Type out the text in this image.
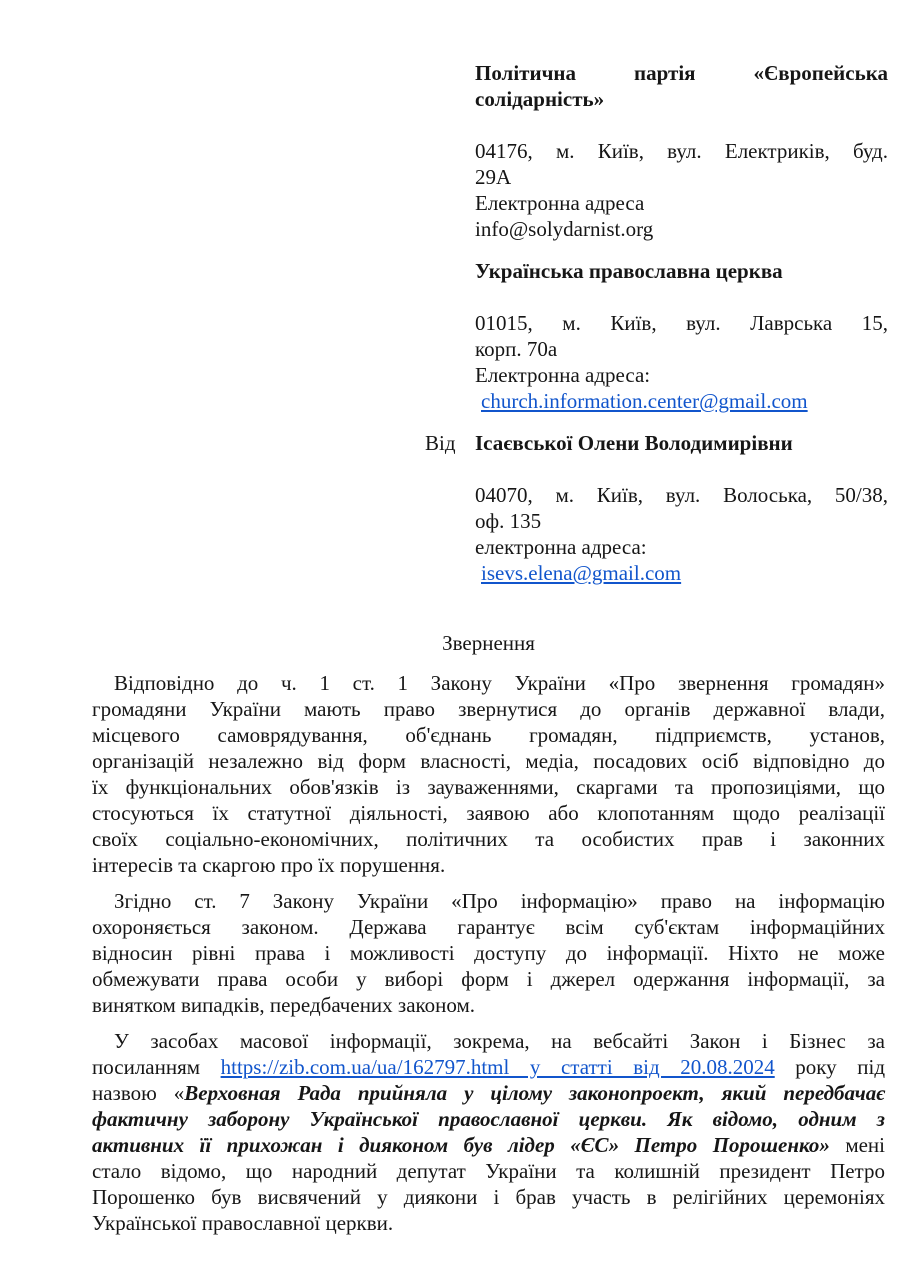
Політична партія «Європейська
солідарність»
04176, м. Київ, вул. Електриків, буд.
29А
Електронна адреса
info@solydarnist.org
Українська православна церква
01015, м. Київ, вул. Лаврська 15,
корп. 70а
Електронна адреса:
church.information.center@gmail.com
Від Ісаєвської Олени Володимирівни
04070, м. Київ, вул. Волоська, 50/38,
оф. 135
електронна адреса:
isevs.elena@gmail.com
Звернення
Відповідно до ч. 1 ст. 1 Закону України «Про звернення громадян»
громадяни України мають право звернутися до органів державної влади,
місцевого самоврядування, об'єднань громадян, підприємств, установ,
організацій незалежно від форм власності, медіа, посадових осіб відповідно до
їх функціональних обов'язків із зауваженнями, скаргами та пропозиціями, що
стосуються їх статутної діяльності, заявою або клопотанням щодо реалізації
своїх соціально-економічних, політичних та особистих прав і законних
інтересів та скаргою про їх порушення.
Згідно ст. 7 Закону України «Про інформацію» право на інформацію
охороняється законом. Держава гарантує всім суб'єктам інформаційних
відносин рівні права і можливості доступу до інформації. Ніхто не може
обмежувати права особи у виборі форм і джерел одержання інформації, за
винятком випадків, передбачених законом.
У засобах масової інформації, зокрема, на вебсайті Закон і Бізнес за
посиланням https://zib.com.ua/ua/162797.html у статті від 20.08.2024 року під
назвою «Верховная Рада прийняла у цілому законопроект, який передбачає
фактичну заборону Української православної церкви. Як відомо, одним з
активних її прихожан і дияконом був лідер «ЄС» Петро Порошенко» мені
стало відомо, що народний депутат України та колишній президент Петро
Порошенко був висвячений у диякони і брав участь в релігійних церемоніях
Української православної церкви.
